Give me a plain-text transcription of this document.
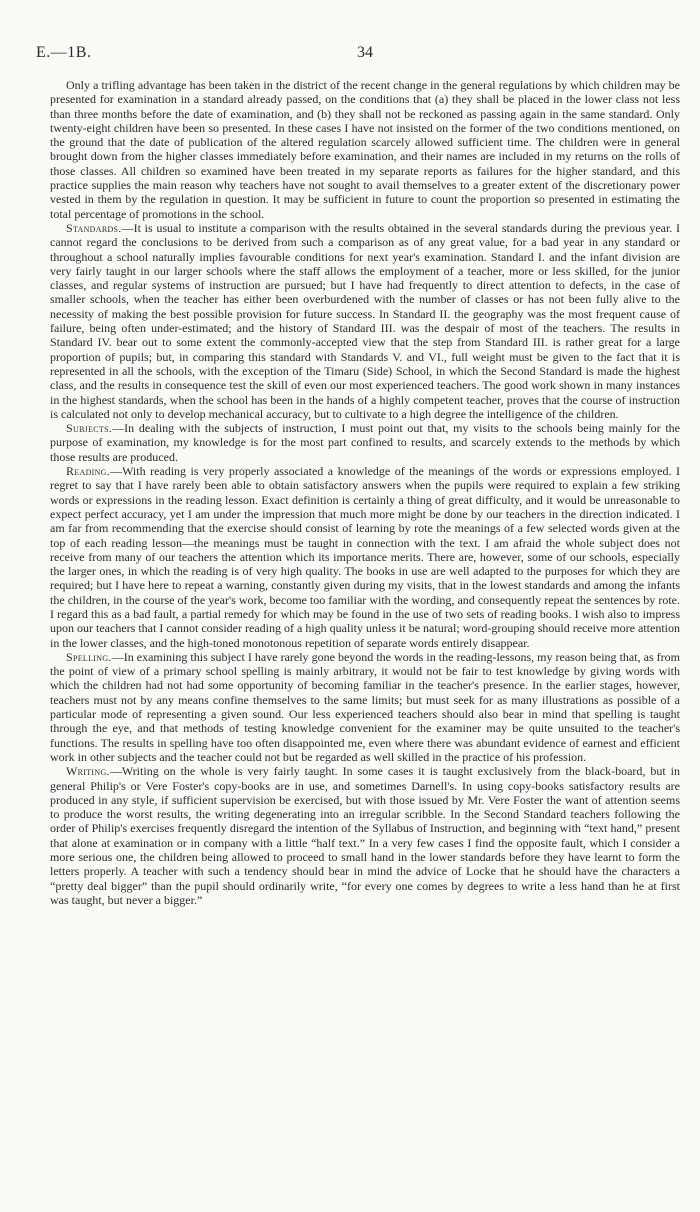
E.—1B.	34

Only a trifling advantage has been taken in the district of the recent change in the general regulations by which children may be presented for examination in a standard already passed, on the conditions that (a) they shall be placed in the lower class not less than three months before the date of examination, and (b) they shall not be reckoned as passing again in the same standard. Only twenty-eight children have been so presented. In these cases I have not insisted on the former of the two conditions mentioned, on the ground that the date of publication of the altered regulation scarcely allowed sufficient time. The children were in general brought down from the higher classes immediately before examination, and their names are included in my returns on the rolls of those classes. All children so examined have been treated in my separate reports as failures for the higher standard, and this practice supplies the main reason why teachers have not sought to avail themselves to a greater extent of the discretionary power vested in them by the regulation in question. It may be sufficient in future to count the proportion so presented in estimating the total percentage of promotions in the school.

Standards.—It is usual to institute a comparison with the results obtained in the several standards during the previous year. I cannot regard the conclusions to be derived from such a comparison as of any great value, for a bad year in any standard or throughout a school naturally implies favourable conditions for next year's examination. Standard I. and the infant division are very fairly taught in our larger schools where the staff allows the employment of a teacher, more or less skilled, for the junior classes, and regular systems of instruction are pursued; but I have had frequently to direct attention to defects, in the case of smaller schools, when the teacher has either been overburdened with the number of classes or has not been fully alive to the necessity of making the best possible provision for future success. In Standard II. the geography was the most frequent cause of failure, being often under-estimated; and the history of Standard III. was the despair of most of the teachers. The results in Standard IV. bear out to some extent the commonly-accepted view that the step from Standard III. is rather great for a large proportion of pupils; but, in comparing this standard with Standards V. and VI., full weight must be given to the fact that it is represented in all the schools, with the exception of the Timaru (Side) School, in which the Second Standard is made the highest class, and the results in consequence test the skill of even our most experienced teachers. The good work shown in many instances in the highest standards, when the school has been in the hands of a highly competent teacher, proves that the course of instruction is calculated not only to develop mechanical accuracy, but to cultivate to a high degree the intelligence of the children.

Subjects.—In dealing with the subjects of instruction, I must point out that, my visits to the schools being mainly for the purpose of examination, my knowledge is for the most part confined to results, and scarcely extends to the methods by which those results are produced.

Reading.—With reading is very properly associated a knowledge of the meanings of the words or expressions employed. I regret to say that I have rarely been able to obtain satisfactory answers when the pupils were required to explain a few striking words or expressions in the reading lesson. Exact definition is certainly a thing of great difficulty, and it would be unreasonable to expect perfect accuracy, yet I am under the impression that much more might be done by our teachers in the direction indicated. I am far from recommending that the exercise should consist of learning by rote the meanings of a few selected words given at the top of each reading lesson—the meanings must be taught in connection with the text. I am afraid the whole subject does not receive from many of our teachers the attention which its importance merits. There are, however, some of our schools, especially the larger ones, in which the reading is of very high quality. The books in use are well adapted to the purposes for which they are required; but I have here to repeat a warning, constantly given during my visits, that in the lowest standards and among the infants the children, in the course of the year's work, become too familiar with the wording, and consequently repeat the sentences by rote. I regard this as a bad fault, a partial remedy for which may be found in the use of two sets of reading books. I wish also to impress upon our teachers that I cannot consider reading of a high quality unless it be natural; word-grouping should receive more attention in the lower classes, and the high-toned monotonous repetition of separate words entirely disappear.

Spelling.—In examining this subject I have rarely gone beyond the words in the reading-lessons, my reason being that, as from the point of view of a primary school spelling is mainly arbitrary, it would not be fair to test knowledge by giving words with which the children had not had some opportunity of becoming familiar in the teacher's presence. In the earlier stages, however, teachers must not by any means confine themselves to the same limits; but must seek for as many illustrations as possible of a particular mode of representing a given sound. Our less experienced teachers should also bear in mind that spelling is taught through the eye, and that methods of testing knowledge convenient for the examiner may be quite unsuited to the teacher's functions. The results in spelling have too often disappointed me, even where there was abundant evidence of earnest and efficient work in other subjects and the teacher could not but be regarded as well skilled in the practice of his profession.

Writing.—Writing on the whole is very fairly taught. In some cases it is taught exclusively from the black-board, but in general Philip's or Vere Foster's copy-books are in use, and sometimes Darnell's. In using copy-books satisfactory results are produced in any style, if sufficient supervision be exercised, but with those issued by Mr. Vere Foster the want of attention seems to produce the worst results, the writing degenerating into an irregular scribble. In the Second Standard teachers following the order of Philip's exercises frequently disregard the intention of the Syllabus of Instruction, and beginning with “text hand,” present that alone at examination or in company with a little “half text.” In a very few cases I find the opposite fault, which I consider a more serious one, the children being allowed to proceed to small hand in the lower standards before they have learnt to form the letters properly. A teacher with such a tendency should bear in mind the advice of Locke that he should have the characters a “pretty deal bigger” than the pupil should ordinarily write, “for every one comes by degrees to write a less hand than he at first was taught, but never a bigger.”
